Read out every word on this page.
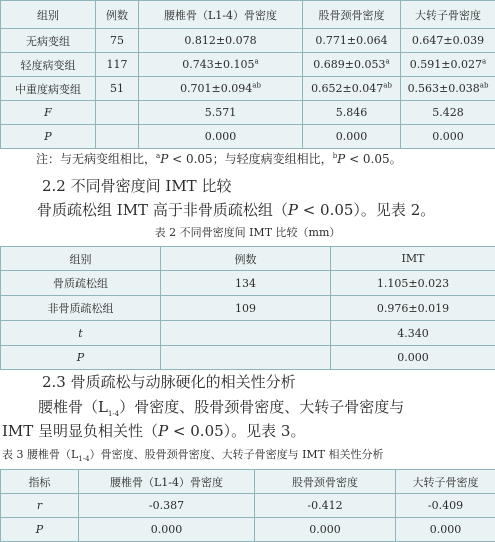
组别	例数	腰椎骨（L1-4）骨密度	股骨颈骨密度	大转子骨密度
无病变组	75	0.812±0.078	0.771±0.064	0.647±0.039
轻度病变组	117	0.743±0.105$^a$	0.689±0.053$^a$	0.591±0.027$^a$
中重度病变组	51	0.701±0.094$^{ab}$	0.652±0.047$^{ab}$	0.563±0.038$^{ab}$
F		5.571	5.846	5.428
P		0.000	0.000	0.000
注：与无病变组相比，$^a$P < 0.05；与轻度病变组相比，$^b$P < 0.05。
2.2 不同骨密度间 IMT 比较
骨质疏松组 IMT 高于非骨质疏松组（P < 0.05）。见表 2。
表 2 不同骨密度间 IMT 比较（mm）
组别	例数	IMT
骨质疏松组	134	1.105±0.023
非骨质疏松组	109	0.976±0.019
t		4.340
P		0.000
2.3 骨质疏松与动脉硬化的相关性分析
腰椎骨$(L_{1-4})$骨密度、股骨颈骨密度、大转子骨密度与
IMT 呈明显负相关性（P < 0.05）。见表 3。
表 3 腰椎骨$(L_{1-4})$骨密度、股骨颈骨密度、大转子骨密度与 IMT 相关性分析
指标	腰椎骨（L1-4）骨密度	股骨颈骨密度	大转子骨密度
r	-0.387	-0.412	-0.409
P	0.000	0.000	0.000
